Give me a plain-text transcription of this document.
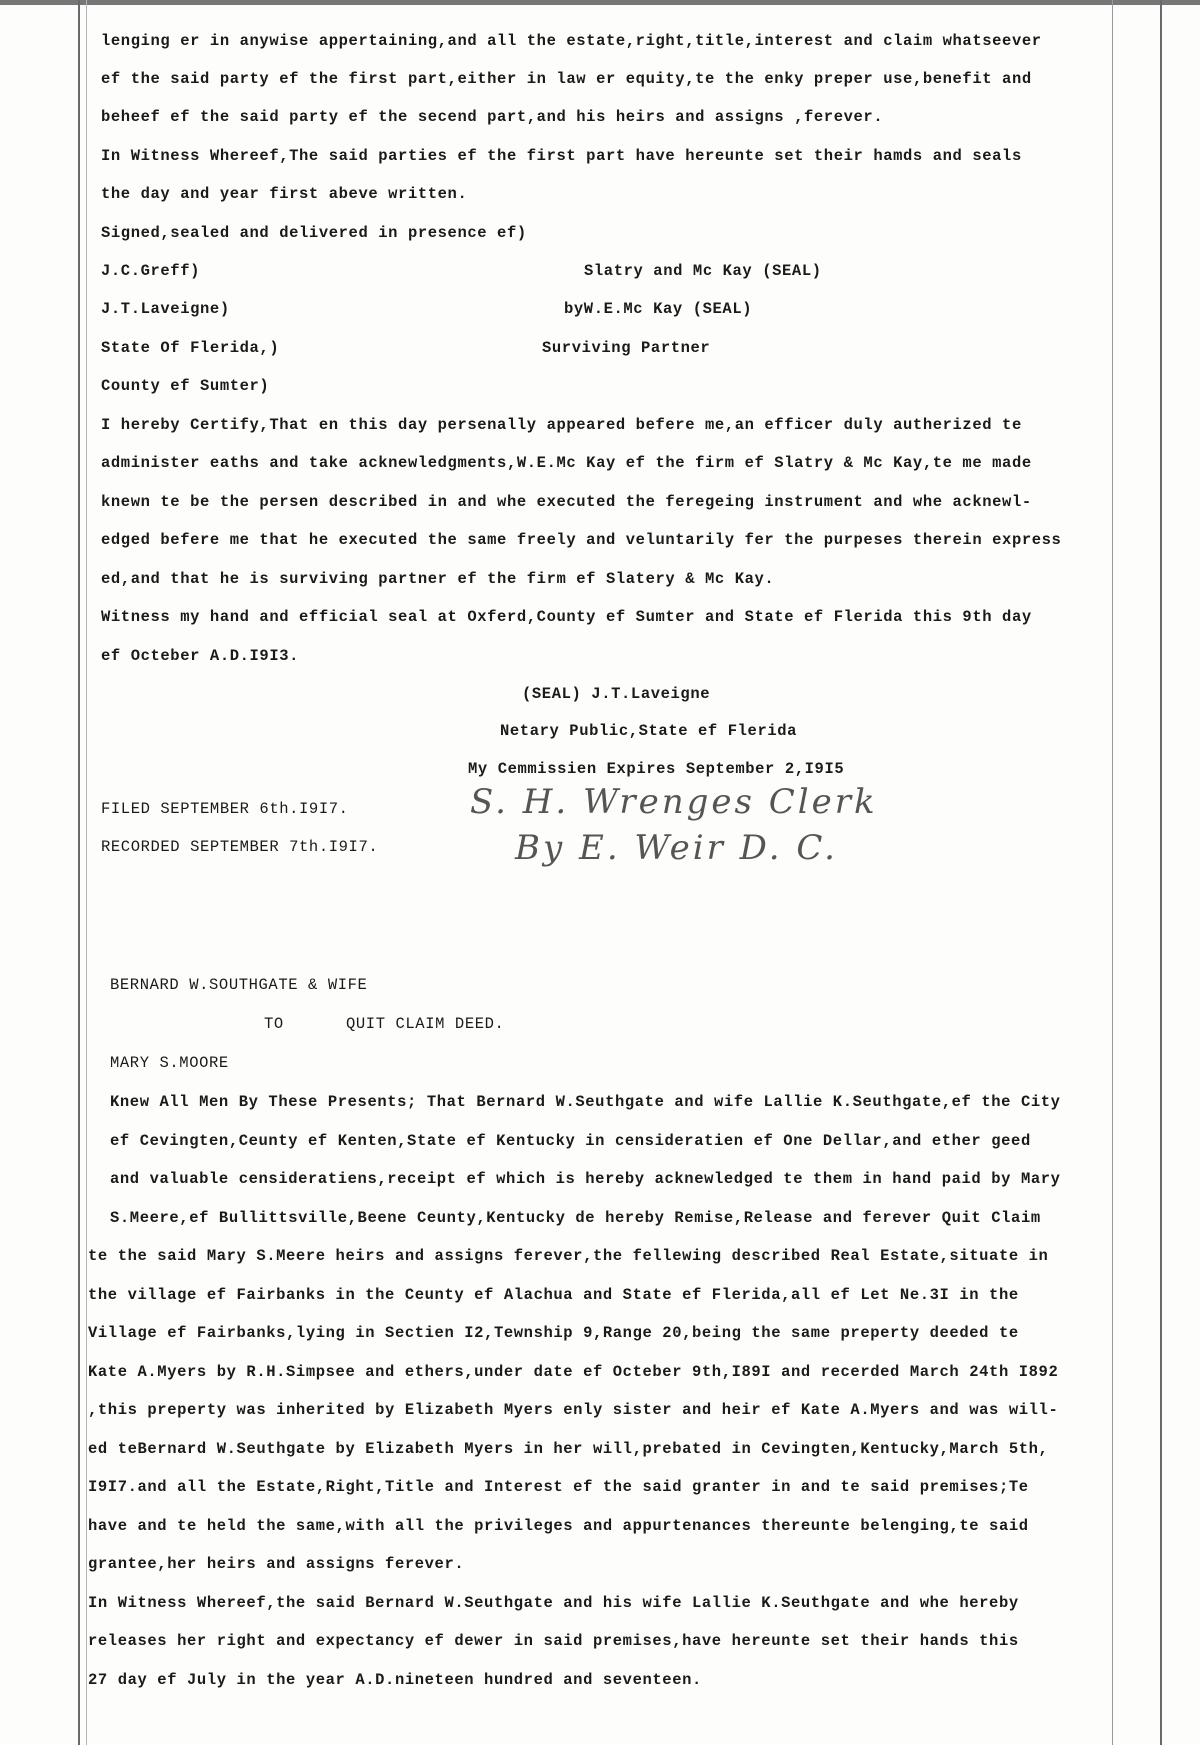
lenging er in anywise appertaining,and all the estate,right,title,interest and claim whatseever
ef the said party ef the first part,either in law er equity,te the enky preper use,benefit and
beheef ef the said party ef the secend part,and his heirs and assigns ,ferever.
In Witness Whereef,The said parties ef the first part have hereunte set their hamds and seals
the day and year first abeve written.
Signed,sealed and delivered in presence ef)
J.C.Greff)
J.T.Laveigne)
State Of Flerida,)
County ef Sumter)
Slatry and Mc Kay (SEAL)
byW.E.Mc Kay (SEAL)
Surviving Partner
I hereby Certify,That en this day persenally appeared befere me,an efficer duly autherized te
administer eaths and take acknewledgments,W.E.Mc Kay ef the firm ef Slatry & Mc Kay,te me made
knewn te be the persen described in and whe executed the feregeing instrument and whe acknewl-
edged befere me that he executed the same freely and veluntarily fer the purpeses therein express
ed,and that he is surviving partner ef the firm ef Slatery & Mc Kay.
Witness my hand and efficial seal at Oxferd,County ef Sumter and State ef Flerida this 9th day
ef Octeber A.D.I9I3.
(SEAL) J.T.Laveigne
Netary Public,State ef Flerida
My Cemmissien Expires September 2,I9I5
FILED SEPTEMBER 6th.I9I7.
RECORDED SEPTEMBER 7th.I9I7.
S. H. Wrenges Clerk
By E. Weir D. C.
BERNARD W.SOUTHGATE & WIFE
TO	QUIT CLAIM DEED.
MARY S.MOORE
Knew All Men By These Presents; That Bernard W.Seuthgate and wife Lallie K.Seuthgate,ef the City
ef Cevingten,Ceunty ef Kenten,State ef Kentucky in censideratien ef One Dellar,and ether geed
and valuable censideratiens,receipt ef which is hereby acknewledged te them in hand paid by Mary
S.Meere,ef Bullittsville,Beene Ceunty,Kentucky de hereby Remise,Release and ferever Quit Claim
te the said Mary S.Meere heirs and assigns ferever,the fellewing described Real Estate,situate in
the village ef Fairbanks in the Ceunty ef Alachua and State ef Flerida,all ef Let Ne.3I in the
Village ef Fairbanks,lying in Sectien I2,Tewnship 9,Range 20,being the same preperty deeded te
Kate A.Myers by R.H.Simpsee and ethers,under date ef Octeber 9th,I89I and recerded March 24th I892
,this preperty was inherited by Elizabeth Myers enly sister and heir ef Kate A.Myers and was will-
ed teBernard W.Seuthgate by Elizabeth Myers in her will,prebated in Cevingten,Kentucky,March 5th,
I9I7.and all the Estate,Right,Title and Interest ef the said granter in and te said premises;Te
have and te held the same,with all the privileges and appurtenances thereunte belenging,te said
grantee,her heirs and assigns ferever.
In Witness Whereef,the said Bernard W.Seuthgate and his wife Lallie K.Seuthgate and whe hereby
releases her right and expectancy ef dewer in said premises,have hereunte set their hands this
27 day ef July in the year A.D.nineteen hundred and seventeen.
